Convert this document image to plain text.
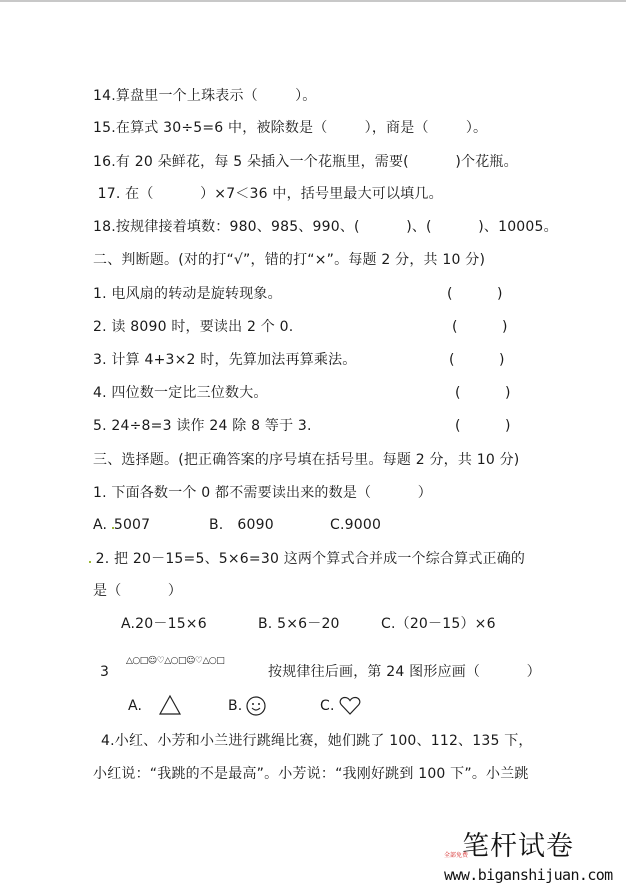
14.算盘里一个上珠表示（        ）。
15.在算式 30÷5=6 中，被除数是（        ），商是（        ）。
16.有 20 朵鲜花，每 5 朵插入一个花瓶里，需要(          )个花瓶。
17. 在（          ）×7＜36 中，括号里最大可以填几。
18.按规律接着填数：980、985、990、(          )、(          )、10005。
二、判断题。(对的打“√”，错的打“×”。每题 2 分，共 10 分)
1. 电风扇的转动是旋转现象。	(          )
2. 读 8090 时，要读出 2 个 0.	(          )
3. 计算 4+3×2 时，先算加法再算乘法。	(          )
4. 四位数一定比三位数大。	(          )
5. 24÷8=3 读作 24 除 8 等于 3.	(          )
三、选择题。(把正确答案的序号填在括号里。每题 2 分，共 10 分)
1. 下面各数一个 0 都不需要读出来的数是（          ）
A. 5007	B.   6090	C.9000
2. 把 20－15=5、5×6=30 这两个算式合并成一个综合算式正确的
是（          ）
A.20－15×6	B. 5×6－20	C.（20－15）×6
3
△○□☺♡△○□☺♡△○□
按规律往后画，第 24 图形应画（          ）
A.	B.	C.
4.小红、小芳和小兰进行跳绳比赛，她们跳了 100、112、135 下，
小红说：“我跳的不是最高”。小芳说：“我刚好跳到 100 下”。小兰跳
笔杆试卷
全部免费
www.biganshijuan.com
